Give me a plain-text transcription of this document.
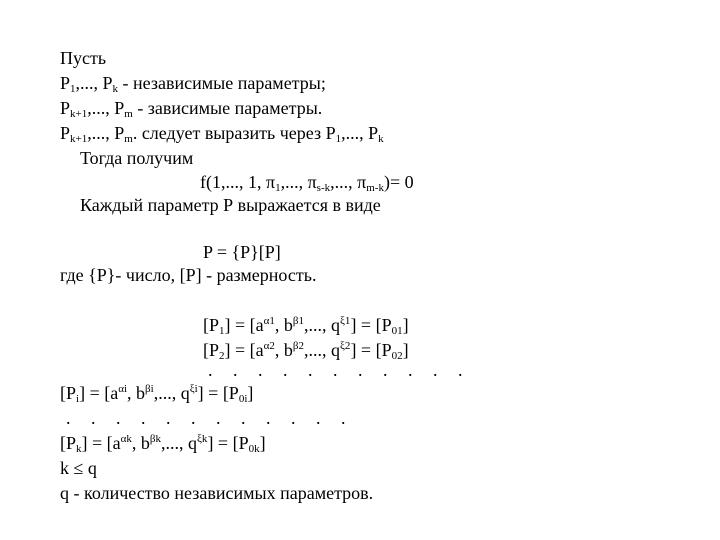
Пусть
$P_1$,..., $P_k$ - независимые параметры;
$P_{k+1}$,..., $P_m$ - зависимые параметры.
$P_{k+1}$,..., $P_m$. следует выразить через $P_1$,..., $P_k$
Тогда получим
f(1,..., 1, $\pi_1$,..., $\pi_{s-k}$,..., $\pi_{m-k})= 0$
Каждый параметр Р выражается в виде
P = {P}[P]
где {P}- число, [P] - размерность.
$[P_1] = [a^{\alpha 1}$, $b^{\beta 1}$,..., $q^{\xi 1}] = [P_{01}]$
$[P_2] = [a^{\alpha 2}$, $b^{\beta 2}$,..., $q^{\xi 2}] = [P_{02}]$
. . . . . . . . . . .
$[P_i] = [a^{\alpha i}$, $b^{\beta i}$,..., $q^{\xi i}] = [P_{0i}]$
. . . . . . . . . . . .
$[P_k] = [a^{\alpha k}$, $b^{\beta k}$,..., $q^{\xi k}] = [P_{0k}]$
k ≤ q
q - количество независимых параметров.
